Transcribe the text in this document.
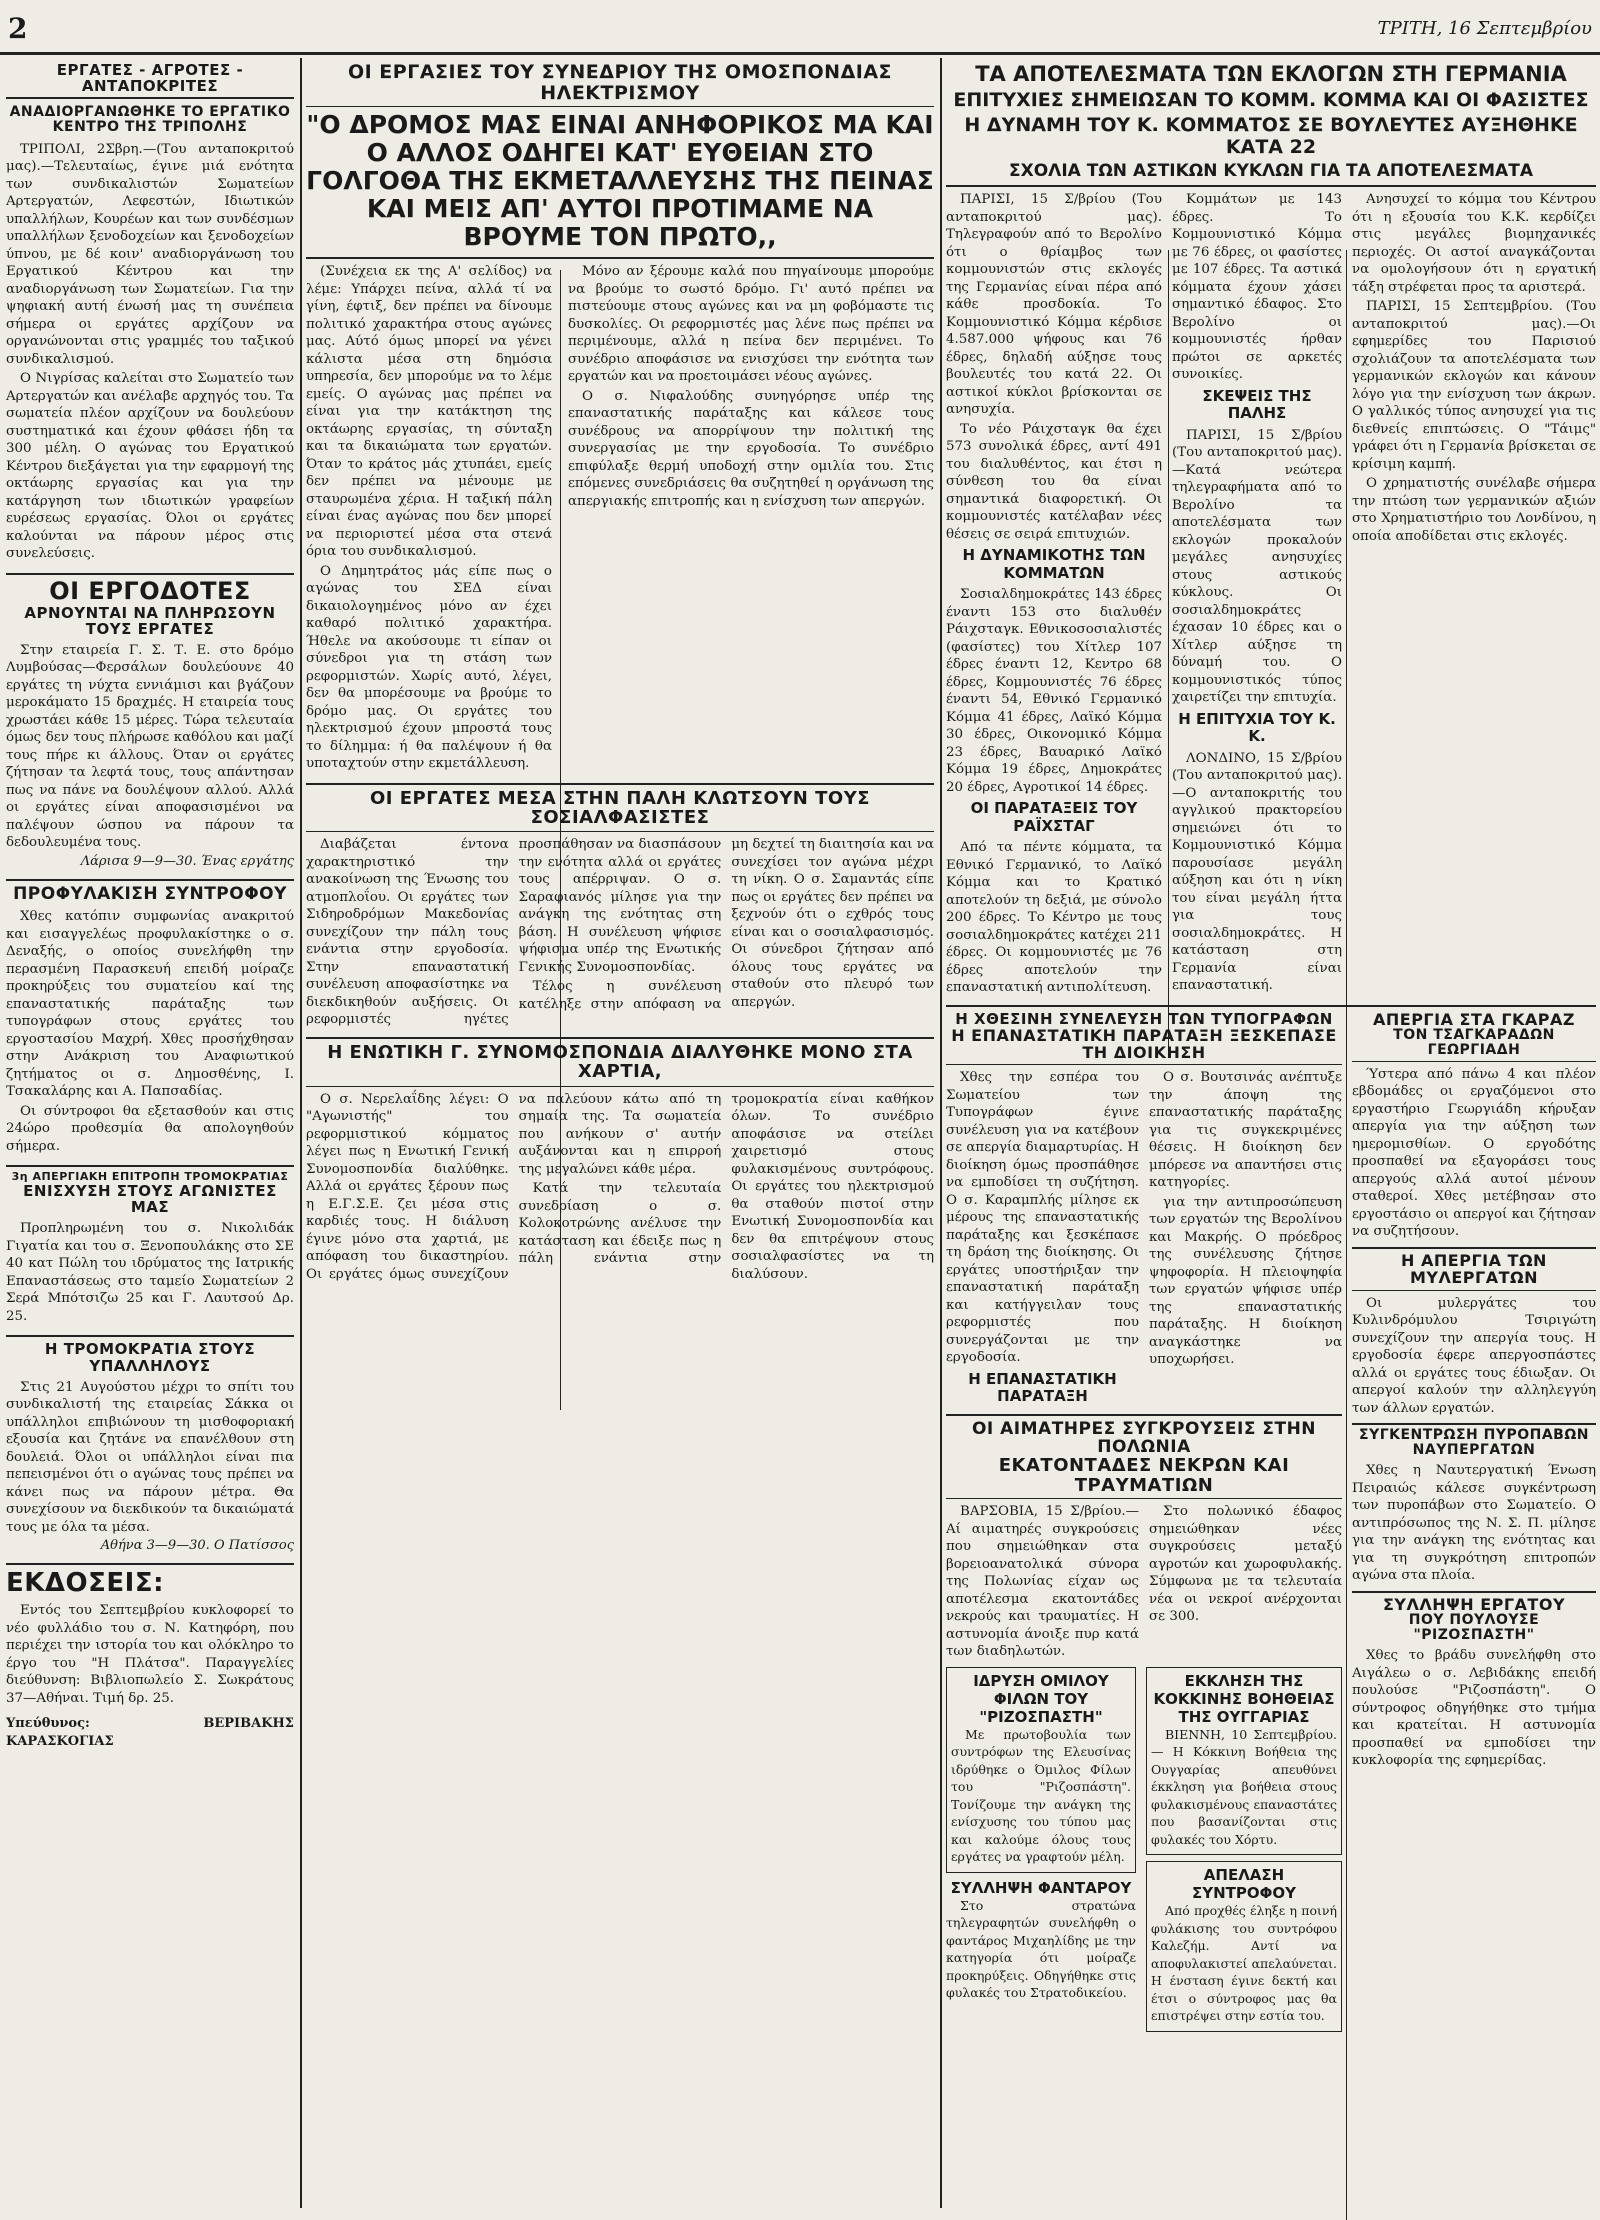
2	ΤΡΙΤΗ, 16 Σεπτεμβρίου
ΕΡΓΑΤΕΣ - ΑΓΡΟΤΕΣ - ΑΝΤΑΠΟΚΡΙΤΕΣ
ΑΝΑΔΙΟΡΓΑΝΩΘΗΚΕ ΤΟ ΕΡΓΑΤΙΚΟ ΚΕΝΤΡΟ ΤΗΣ ΤΡΙΠΟΛΗΣ

ΤΡΙΠΟΛΙ, 2Σβρη.—(Του ανταποκριτού μας).—Τελευταίως, έγινε μιά ενότητα των συνδικαλιστών Σωματείων Αρτεργατών, Λεφεστών, Ιδιωτικών υπαλλήλων, Κουρέων και των συνδέσμων υπαλλήλων ξενοδοχείων και ξενοδοχείων ύπνου, με δέ κοιν' αναδιοργάνωση του Εργατικού Κέντρου και την αναδιοργάνωση των Σωματείων. Για την ψηφιακή αυτή ένωσή μας τη συνέπεια σήμερα οι εργάτες αρχίζουν να οργανώνονται στις γραμμές του ταξικού συνδικαλισμού.

Ο Νιγρίσας καλείται στο Σωματείο των Αρτεργατών και ανέλαβε αρχηγός του. Τα σωματεία πλέον αρχίζουν να δουλεύουν συστηματικά και έχουν φθάσει ήδη τα 300 μέλη. Ο αγώνας του Εργατικού Κέντρου διεξάγεται για την εφαρμογή της οκτάωρης εργασίας και για την κατάργηση των ιδιωτικών γραφείων ευρέσεως εργασίας. Όλοι οι εργάτες καλούνται να πάρουν μέρος στις συνελεύσεις.

ΟΙ ΕΡΓΟΔΟΤΕΣ
ΑΡΝΟΥΝΤΑΙ ΝΑ ΠΛΗΡΩΣΟΥΝ ΤΟΥΣ ΕΡΓΑΤΕΣ

Στην εταιρεία Γ. Σ. Τ. Ε. στο δρόμο Λυμβούσας—Φερσάλων δουλεύουνε 40 εργάτες τη νύχτα εννιάμισι και βγάζουν μεροκάματο 15 δραχμές. Η εταιρεία τους χρωστάει κάθε 15 μέρες. Τώρα τελευταία όμως δεν τους πλήρωσε καθόλου και μαζί τους πήρε κι άλλους. Όταν οι εργάτες ζήτησαν τα λεφτά τους, τους απάντησαν πως να πάνε να δουλέψουν αλλού. Αλλά οι εργάτες είναι αποφασισμένοι να παλέψουν ώσπου να πάρουν τα δεδουλευμένα τους.

Λάρισα 9—9—30. Ένας εργάτης
ΠΡΟΦΥΛΑΚΙΣΗ ΣΥΝΤΡΟΦΟΥ

Χθες κατόπιν συμφωνίας ανακριτού και εισαγγελέως προφυλακίστηκε ο σ. Δεναξής, ο οποίος συνελήφθη την περασμένη Παρασκευή επειδή μοίραζε προκηρύξεις του συματείου καί της επαναστατικής παράταξης των τυπογράφων στους εργάτες του εργοστασίου Μαχρή. Χθες προσήχθησαν στην Ανάκριση του Αναφιωτικού ζητήματος οι σ. Δημοσθένης, Ι. Τσακαλάρης και Α. Παπσαδίας.

Οι σύντροφοι θα εξετασθούν και στις 24ώρο προθεσμία θα απολογηθούν σήμερα.

3η ΑΠΕΡΓΙΑΚΗ ΕΠΙΤΡΟΠΗ ΤΡΟΜΟΚΡΑΤΙΑΣ
ΕΝΙΣΧΥΣΗ ΣΤΟΥΣ ΑΓΩΝΙΣΤΕΣ ΜΑΣ

Προπληρωμένη του σ. Νικολιδάκ Γιγατία και του σ. Ξενοπουλάκης στο ΣΕ 40 κατ Πώλη του ιδρύματος της Ιατρικής Επαναστάσεως στο ταμείο Σωματείων 2 Σερά Μπότσιζω 25 και Γ. Λαυτσού Δρ. 25.

Η ΤΡΟΜΟΚΡΑΤΙΑ ΣΤΟΥΣ ΥΠΑΛΛΗΛΟΥΣ

Στις 21 Αυγούστου μέχρι το σπίτι του συνδικαλιστή της εταιρείας Σάκκα οι υπάλληλοι επιβιώνουν τη μισθοφοριακή εξουσία και ζητάνε να επανέλθουν στη δουλειά. Όλοι οι υπάλληλοι είναι πια πεπεισμένοι ότι ο αγώνας τους πρέπει να κάνει πως να πάρουν μέτρα. Θα συνεχίσουν να διεκδικούν τα δικαιώματά τους με όλα τα μέσα.

Αθήνα 3—9—30. Ο Πατίσσος
ΕΚΔΟΣΕΙΣ:

Εντός του Σεπτεμβρίου κυκλοφορεί το νέο φυλλάδιο του σ. Ν. Κατηφόρη, που περιέχει την ιστορία του και ολόκληρο το έργο του "Η Πλάτσα". Παραγγελίες διεύθυνση: Βιβλιοπωλείο Σ. Σωκράτους 37—Αθήναι. Τιμή δρ. 25.

Υπεύθυνος: ΒΕΡΙΒΑΚΗΣ ΚΑΡΑΣΚΟΓΙΑΣ
ΟΙ ΕΡΓΑΣΙΕΣ ΤΟΥ ΣΥΝΕΔΡΙΟΥ ΤΗΣ ΟΜΟΣΠΟΝΔΙΑΣ ΗΛΕΚΤΡΙΣΜΟΥ
"Ο ΔΡΟΜΟΣ ΜΑΣ ΕΙΝΑΙ ΑΝΗΦΟΡΙΚΟΣ ΜΑ ΚΑΙ Ο ΑΛΛΟΣ ΟΔΗΓΕΙ ΚΑΤ' ΕΥΘΕΙΑΝ ΣΤΟ ΓΟΛΓΟΘΑ ΤΗΣ ΕΚΜΕΤΑΛΛΕΥΣΗΣ ΤΗΣ ΠΕΙΝΑΣ ΚΑΙ ΜΕΙΣ ΑΠ' ΑΥΤΟΙ ΠΡΟΤΙΜΑΜΕ ΝΑ ΒΡΟΥΜΕ ΤΟΝ ΠΡΩΤΟ,,

(Συνέχεια εκ της Α' σελίδος) να λέμε: Υπάρχει πείνα, αλλά τί να γίνη, έφτιξ, δεν πρέπει να δίνουμε πολιτικό χαρακτήρα στους αγώνες μας. Αύτό όμως μπορεί να γένει κάλιστα μέσα στη δημόσια υπηρεσία, δεν μπορούμε να το λέμε εμείς. Ο αγώνας μας πρέπει να είναι για την κατάκτηση της οκτάωρης εργασίας, τη σύνταξη και τα δικαιώματα των εργατών. Όταν το κράτος μάς χτυπάει, εμείς δεν πρέπει να μένουμε με σταυρωμένα χέρια. Η ταξική πάλη είναι ένας αγώνας που δεν μπορεί να περιοριστεί μέσα στα στενά όρια του συνδικαλισμού.

Ο Δημητράτος μάς είπε πως ο αγώνας του ΣΕΔ είναι δικαιολογημένος μόνο αν έχει καθαρό πολιτικό χαρακτήρα. Ήθελε να ακούσουμε τι είπαν οι σύνεδροι για τη στάση των ρεφορμιστών. Χωρίς αυτό, λέγει, δεν θα μπορέσουμε να βρούμε το δρόμο μας. Οι εργάτες του ηλεκτρισμού έχουν μπροστά τους το δίλημμα: ή θα παλέψουν ή θα υποταχτούν στην εκμετάλλευση.

Μόνο αν ξέρουμε καλά που πηγαίνουμε μπορούμε να βρούμε το σωστό δρόμο. Γι' αυτό πρέπει να πιστεύουμε στους αγώνες και να μη φοβόμαστε τις δυσκολίες. Οι ρεφορμιστές μας λένε πως πρέπει να περιμένουμε, αλλά η πείνα δεν περιμένει. Το συνέδριο αποφάσισε να ενισχύσει την ενότητα των εργατών και να προετοιμάσει νέους αγώνες.

Ο σ. Νιφαλούδης συνηγόρησε υπέρ της επαναστατικής παράταξης και κάλεσε τους συνέδρους να απορρίψουν την πολιτική της συνεργασίας με την εργοδοσία. Το συνέδριο επιφύλαξε θερμή υποδοχή στην ομιλία του. Στις επόμενες συνεδριάσεις θα συζητηθεί η οργάνωση της απεργιακής επιτροπής και η ενίσχυση των απεργών.

ΟΙ ΕΡΓΑΤΕΣ ΜΕΣΑ ΣΤΗΝ ΠΑΛΗ ΚΛΩΤΣΟΥΝ ΤΟΥΣ ΣΟΣΙΑΛΦΑΣΙΣΤΕΣ

Διαβάζεται έντονα χαρακτηριστικό την ανακοίνωση της Ένωσης του ατμοπλοΐου. Οι εργάτες των Σιδηροδρόμων Μακεδονίας συνεχίζουν την πάλη τους ενάντια στην εργοδοσία. Στην επαναστατική συνέλευση αποφασίστηκε να διεκδικηθούν αυξήσεις. Οι ρεφορμιστές ηγέτες προσπάθησαν να διασπάσουν την ενότητα αλλά οι εργάτες τους απέρριψαν. Ο σ. Σαραφιανός μίλησε για την ανάγκη της ενότητας στη βάση. Η συνέλευση ψήφισε ψήφισμα υπέρ της Ενωτικής Γενικής Συνομοσπονδίας.

Τέλος η συνέλευση κατέληξε στην απόφαση να μη δεχτεί τη διαιτησία και να συνεχίσει τον αγώνα μέχρι τη νίκη. Ο σ. Σαμαντάς είπε πως οι εργάτες δεν πρέπει να ξεχνούν ότι ο εχθρός τους είναι και ο σοσιαλφασισμός. Οι σύνεδροι ζήτησαν από όλους τους εργάτες να σταθούν στο πλευρό των απεργών.

Η ΕΝΩΤΙΚΗ Γ. ΣΥΝΟΜΟΣΠΟΝΔΙΑ ΔΙΑΛΥΘΗΚΕ ΜΟΝΟ ΣΤΑ ΧΑΡΤΙΑ,

Ο σ. Νερελαΐδης λέγει: Ο "Αγωνιστής" του ρεφορμιστικού κόμματος λέγει πως η Ενωτική Γενική Συνομοσπονδία διαλύθηκε. Αλλά οι εργάτες ξέρουν πως η Ε.Γ.Σ.Ε. ζει μέσα στις καρδιές τους. Η διάλυση έγινε μόνο στα χαρτιά, με απόφαση του δικαστηρίου. Οι εργάτες όμως συνεχίζουν να παλεύουν κάτω από τη σημαία της. Τα σωματεία που ανήκουν σ' αυτήν αυξάνονται και η επιρροή της μεγαλώνει κάθε μέρα.

Κατά την τελευταία συνεδρίαση ο σ. Κολοκοτρώνης ανέλυσε την κατάσταση και έδειξε πως η πάλη ενάντια στην τρομοκρατία είναι καθήκον όλων. Το συνέδριο αποφάσισε να στείλει χαιρετισμό στους φυλακισμένους συντρόφους. Οι εργάτες του ηλεκτρισμού θα σταθούν πιστοί στην Ενωτική Συνομοσπονδία και δεν θα επιτρέψουν στους σοσιαλφασίστες να τη διαλύσουν.

ΤΑ ΑΠΟΤΕΛΕΣΜΑΤΑ ΤΩΝ ΕΚΛΟΓΩΝ ΣΤΗ ΓΕΡΜΑΝΙΑ
ΕΠΙΤΥΧΙΕΣ ΣΗΜΕΙΩΣΑΝ ΤΟ ΚΟΜΜ. ΚΟΜΜΑ ΚΑΙ ΟΙ ΦΑΣΙΣΤΕΣ
Η ΔΥΝΑΜΗ ΤΟΥ Κ. ΚΟΜΜΑΤΟΣ ΣΕ ΒΟΥΛΕΥΤΕΣ ΑΥΞΗΘΗΚΕ ΚΑΤΑ 22
ΣΧΟΛΙΑ ΤΩΝ ΑΣΤΙΚΩΝ ΚΥΚΛΩΝ ΓΙΑ ΤΑ ΑΠΟΤΕΛΕΣΜΑΤΑ

ΠΑΡΙΣΙ, 15 Σ/βρίου (Του ανταποκριτού μας). Τηλεγραφούν από το Βερολίνο ότι ο θρίαμβος των κομμουνιστών στις εκλογές της Γερμανίας είναι πέρα από κάθε προσδοκία. Το Κομμουνιστικό Κόμμα κέρδισε 4.587.000 ψήφους και 76 έδρες, δηλαδή αύξησε τους βουλευτές του κατά 22. Οι αστικοί κύκλοι βρίσκονται σε ανησυχία.

Το νέο Ράιχσταγκ θα έχει 573 συνολικά έδρες, αντί 491 του διαλυθέντος, και έτσι η σύνθεση του θα είναι σημαντικά διαφορετική. Οι κομμουνιστές κατέλαβαν νέες θέσεις σε σειρά επιτυχιών.

Η ΔΥΝΑΜΙΚΟΤΗΣ ΤΩΝ ΚΟΜΜΑΤΩΝ

Σοσιαλδημοκράτες 143 έδρες έναντι 153 στο διαλυθέν Ράιχσταγκ. Εθνικοσοσιαλιστές (φασίστες) του Χίτλερ 107 έδρες έναντι 12, Κεντρο 68 έδρες, Κομμουνιστές 76 έδρες έναντι 54, Εθνικό Γερμανικό Κόμμα 41 έδρες, Λαϊκό Κόμμα 30 έδρες, Οικονομικό Κόμμα 23 έδρες, Βαυαρικό Λαϊκό Κόμμα 19 έδρες, Δημοκράτες 20 έδρες, Αγροτικοί 14 έδρες.

ΟΙ ΠΑΡΑΤΑΞΕΙΣ ΤΟΥ ΡΑΪΧΣΤΑΓ

Από τα πέντε κόμματα, τα Εθνικό Γερμανικό, το Λαϊκό Κόμμα και το Κρατικό αποτελούν τη δεξιά, με σύνολο 200 έδρες. Το Κέντρο με τους σοσιαλδημοκράτες κατέχει 211 έδρες. Οι κομμουνιστές με 76 έδρες αποτελούν την επαναστατική αντιπολίτευση.

Κομμάτων με 143 έδρες. Το Κομμουνιστικό Κόμμα με 76 έδρες, οι φασίστες με 107 έδρες. Τα αστικά κόμματα έχουν χάσει σημαντικό έδαφος. Στο Βερολίνο οι κομμουνιστές ήρθαν πρώτοι σε αρκετές συνοικίες.

ΣΚΕΨΕΙΣ ΤΗΣ ΠΑΛΗΣ

ΠΑΡΙΣΙ, 15 Σ/βρίου (Του ανταποκριτού μας).—Κατά νεώτερα τηλεγραφήματα από το Βερολίνο τα αποτελέσματα των εκλογών προκαλούν μεγάλες ανησυχίες στους αστικούς κύκλους. Οι σοσιαλδημοκράτες έχασαν 10 έδρες και ο Χίτλερ αύξησε τη δύναμή του. Ο κομμουνιστικός τύπος χαιρετίζει την επιτυχία.

Η ΕΠΙΤΥΧΙΑ ΤΟΥ Κ. Κ.

ΛΟΝΔΙΝΟ, 15 Σ/βρίου (Του ανταποκριτού μας).—Ο ανταποκριτής του αγγλικού πρακτορείου σημειώνει ότι το Κομμουνιστικό Κόμμα παρουσίασε μεγάλη αύξηση και ότι η νίκη του είναι μεγάλη ήττα για τους σοσιαλδημοκράτες. Η κατάσταση στη Γερμανία είναι επαναστατική.

Ανησυχεί το κόμμα του Κέντρου ότι η εξουσία του Κ.Κ. κερδίζει στις μεγάλες βιομηχανικές περιοχές. Οι αστοί αναγκάζονται να ομολογήσουν ότι η εργατική τάξη στρέφεται προς τα αριστερά.

ΠΑΡΙΣΙ, 15 Σεπτεμβρίου. (Του ανταποκριτού μας).—Οι εφημερίδες του Παρισιού σχολιάζουν τα αποτελέσματα των γερμανικών εκλογών και κάνουν λόγο για την ενίσχυση των άκρων. Ο γαλλικός τύπος ανησυχεί για τις διεθνείς επιπτώσεις. Ο "Τάιμς" γράφει ότι η Γερμανία βρίσκεται σε κρίσιμη καμπή.

Ο χρηματιστής συνέλαβε σήμερα την πτώση των γερμανικών αξιών στο Χρηματιστήριο του Λονδίνου, η οποία αποδίδεται στις εκλογές.

Η ΧΘΕΣΙΝΗ ΣΥΝΕΛΕΥΣΗ ΤΩΝ ΤΥΠΟΓΡΑΦΩΝ
Η ΕΠΑΝΑΣΤΑΤΙΚΗ ΠΑΡΑΤΑΞΗ ΞΕΣΚΕΠΑΣΕ ΤΗ ΔΙΟΙΚΗΣΗ

Χθες την εσπέρα του Σωματείου των Τυπογράφων έγινε συνέλευση για να κατέβουν σε απεργία διαμαρτυρίας. Η διοίκηση όμως προσπάθησε να εμποδίσει τη συζήτηση. Ο σ. Καραμπλής μίλησε εκ μέρους της επαναστατικής παράταξης και ξεσκέπασε τη δράση της διοίκησης. Οι εργάτες υποστήριξαν την επαναστατική παράταξη και κατήγγειλαν τους ρεφορμιστές που συνεργάζονται με την εργοδοσία.

Η ΕΠΑΝΑΣΤΑΤΙΚΗ ΠΑΡΑΤΑΞΗ

Ο σ. Βουτσινάς ανέπτυξε την άποψη της επαναστατικής παράταξης για τις συγκεκριμένες θέσεις. Η διοίκηση δεν μπόρεσε να απαντήσει στις κατηγορίες.

για την αντιπροσώπευση των εργατών της Βερολίνου και Μακρής. Ο πρόεδρος της συνέλευσης ζήτησε ψηφοφορία. Η πλειοψηφία των εργατών ψήφισε υπέρ της επαναστατικής παράταξης. Η διοίκηση αναγκάστηκε να υποχωρήσει.

ΟΙ ΑΙΜΑΤΗΡΕΣ ΣΥΓΚΡΟΥΣΕΙΣ ΣΤΗΝ ΠΟΛΩΝΙΑ
ΕΚΑΤΟΝΤΑΔΕΣ ΝΕΚΡΩΝ ΚΑΙ ΤΡΑΥΜΑΤΙΩΝ

ΒΑΡΣΟΒΙΑ, 15 Σ/βρίου.— Αί αιματηρές συγκρούσεις που σημειώθηκαν στα βορειοανατολικά σύνορα της Πολωνίας είχαν ως αποτέλεσμα εκατοντάδες νεκρούς και τραυματίες. Η αστυνομία άνοιξε πυρ κατά των διαδηλωτών.

Στο πολωνικό έδαφος σημειώθηκαν νέες συγκρούσεις μεταξύ αγροτών και χωροφυλακής. Σύμφωνα με τα τελευταία νέα οι νεκροί ανέρχονται σε 300.

ΙΔΡΥΣΗ ΟΜΙΛΟΥ ΦΙΛΩΝ ΤΟΥ "ΡΙΖΟΣΠΑΣΤΗ"

Με πρωτοβουλία των συντρόφων της Ελευσίνας ιδρύθηκε ο Όμιλος Φίλων του "Ριζοσπάστη". Τονίζουμε την ανάγκη της ενίσχυσης του τύπου μας και καλούμε όλους τους εργάτες να γραφτούν μέλη.

ΣΥΛΛΗΨΗ ΦΑΝΤΑΡΟΥ

Στο στρατώνα τηλεγραφητών συνελήφθη ο φαντάρος Μιχαηλίδης με την κατηγορία ότι μοίραζε προκηρύξεις. Οδηγήθηκε στις φυλακές του Στρατοδικείου.

ΕΚΚΛΗΣΗ ΤΗΣ ΚΟΚΚΙΝΗΣ ΒΟΗΘΕΙΑΣ ΤΗΣ ΟΥΓΓΑΡΙΑΣ

ΒΙΕΝΝΗ, 10 Σεπτεμβρίου.— Η Κόκκινη Βοήθεια της Ουγγαρίας απευθύνει έκκληση για βοήθεια στους φυλακισμένους επαναστάτες που βασανίζονται στις φυλακές του Χόρτυ.

ΑΠΕΛΑΣΗ ΣΥΝΤΡΟΦΟΥ

Από προχθές έληξε η ποινή φυλάκισης του συντρόφου Καλεζήμ. Αντί να αποφυλακιστεί απελαύνεται. Η ένσταση έγινε δεκτή και έτσι ο σύντροφος μας θα επιστρέψει στην εστία του.

ΑΠΕΡΓΙΑ ΣΤΑ ΓΚΑΡΑΖ
ΤΟΝ ΤΣΑΓΚΑΡΑΔΩΝ ΓΕΩΡΓΙΑΔΗ

Ύστερα από πάνω 4 και πλέον εβδομάδες οι εργαζόμενοι στο εργαστήριο Γεωργιάδη κήρυξαν απεργία για την αύξηση των ημερομισθίων. Ο εργοδότης προσπαθεί να εξαγοράσει τους απεργούς αλλά αυτοί μένουν σταθεροί. Χθες μετέβησαν στο εργοστάσιο οι απεργοί και ζήτησαν να συζητήσουν.

Η ΑΠΕΡΓΙΑ ΤΩΝ ΜΥΛΕΡΓΑΤΩΝ

Οι μυλεργάτες του Κυλινδρόμυλου Τσιριγώτη συνεχίζουν την απεργία τους. Η εργοδοσία έφερε απεργοσπάστες αλλά οι εργάτες τους έδιωξαν. Οι απεργοί καλούν την αλληλεγγύη των άλλων εργατών.

ΣΥΓΚΕΝΤΡΩΣΗ ΠΥΡΟΠΑΒΩΝ ΝΑΥΠΕΡΓΑΤΩΝ

Χθες η Ναυτεργατική Ένωση Πειραιώς κάλεσε συγκέντρωση των πυροπάβων στο Σωματείο. Ο αντιπρόσωπος της Ν. Σ. Π. μίλησε για την ανάγκη της ενότητας και για τη συγκρότηση επιτροπών αγώνα στα πλοία.

ΣΥΛΛΗΨΗ ΕΡΓΑΤΟΥ
ΠΟΥ ΠΟΥΛΟΥΣΕ "ΡΙΖΟΣΠΑΣΤΗ"

Χθες το βράδυ συνελήφθη στο Αιγάλεω ο σ. Λεβιδάκης επειδή πουλούσε "Ριζοσπάστη". Ο σύντροφος οδηγήθηκε στο τμήμα και κρατείται. Η αστυνομία προσπαθεί να εμποδίσει την κυκλοφορία της εφημερίδας.
